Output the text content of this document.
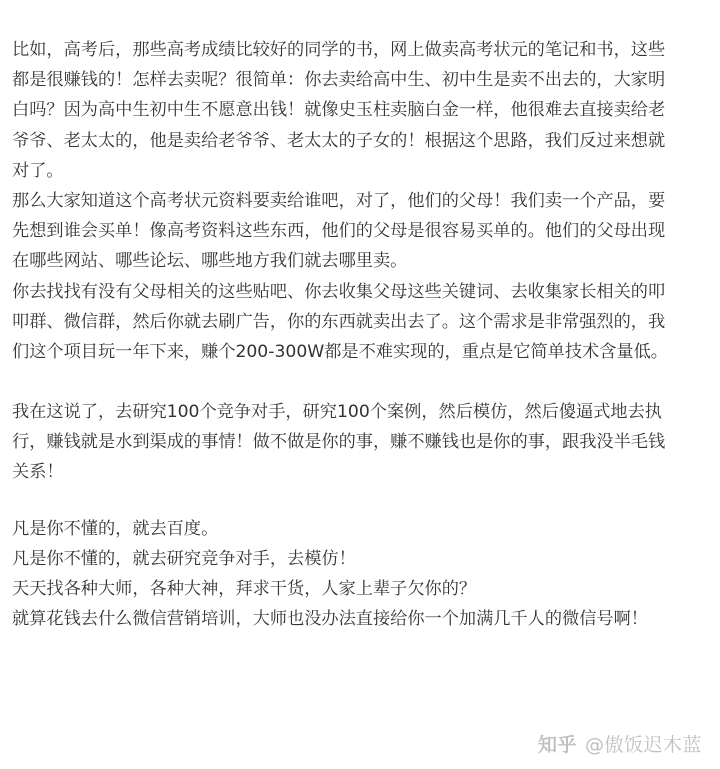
比如，高考后，那些高考成绩比较好的同学的书，网上做卖高考状元的笔记和书，这些
都是很赚钱的！怎样去卖呢？很简单：你去卖给高中生、初中生是卖不出去的，大家明
白吗？因为高中生初中生不愿意出钱！就像史玉柱卖脑白金一样，他很难去直接卖给老
爷爷、老太太的，他是卖给老爷爷、老太太的子女的！根据这个思路，我们反过来想就
对了。
那么大家知道这个高考状元资料要卖给谁吧，对了，他们的父母！我们卖一个产品，要
先想到谁会买单！像高考资料这些东西，他们的父母是很容易买单的。他们的父母出现
在哪些网站、哪些论坛、哪些地方我们就去哪里卖。
你去找找有没有父母相关的这些贴吧、你去收集父母这些关键词、去收集家长相关的叩
叩群、微信群，然后你就去刷广告，你的东西就卖出去了。这个需求是非常强烈的，我
们这个项目玩一年下来，赚个200-300W都是不难实现的，重点是它简单技术含量低。
我在这说了，去研究100个竞争对手，研究100个案例，然后模仿，然后傻逼式地去执
行，赚钱就是水到渠成的事情！做不做是你的事，赚不赚钱也是你的事，跟我没半毛钱
关系！
凡是你不懂的，就去百度。
凡是你不懂的，就去研究竞争对手，去模仿！
天天找各种大师，各种大神，拜求干货，人家上辈子欠你的？
就算花钱去什么微信营销培训，大师也没办法直接给你一个加满几千人的微信号啊！
知乎 @傲饭迟木蓝
